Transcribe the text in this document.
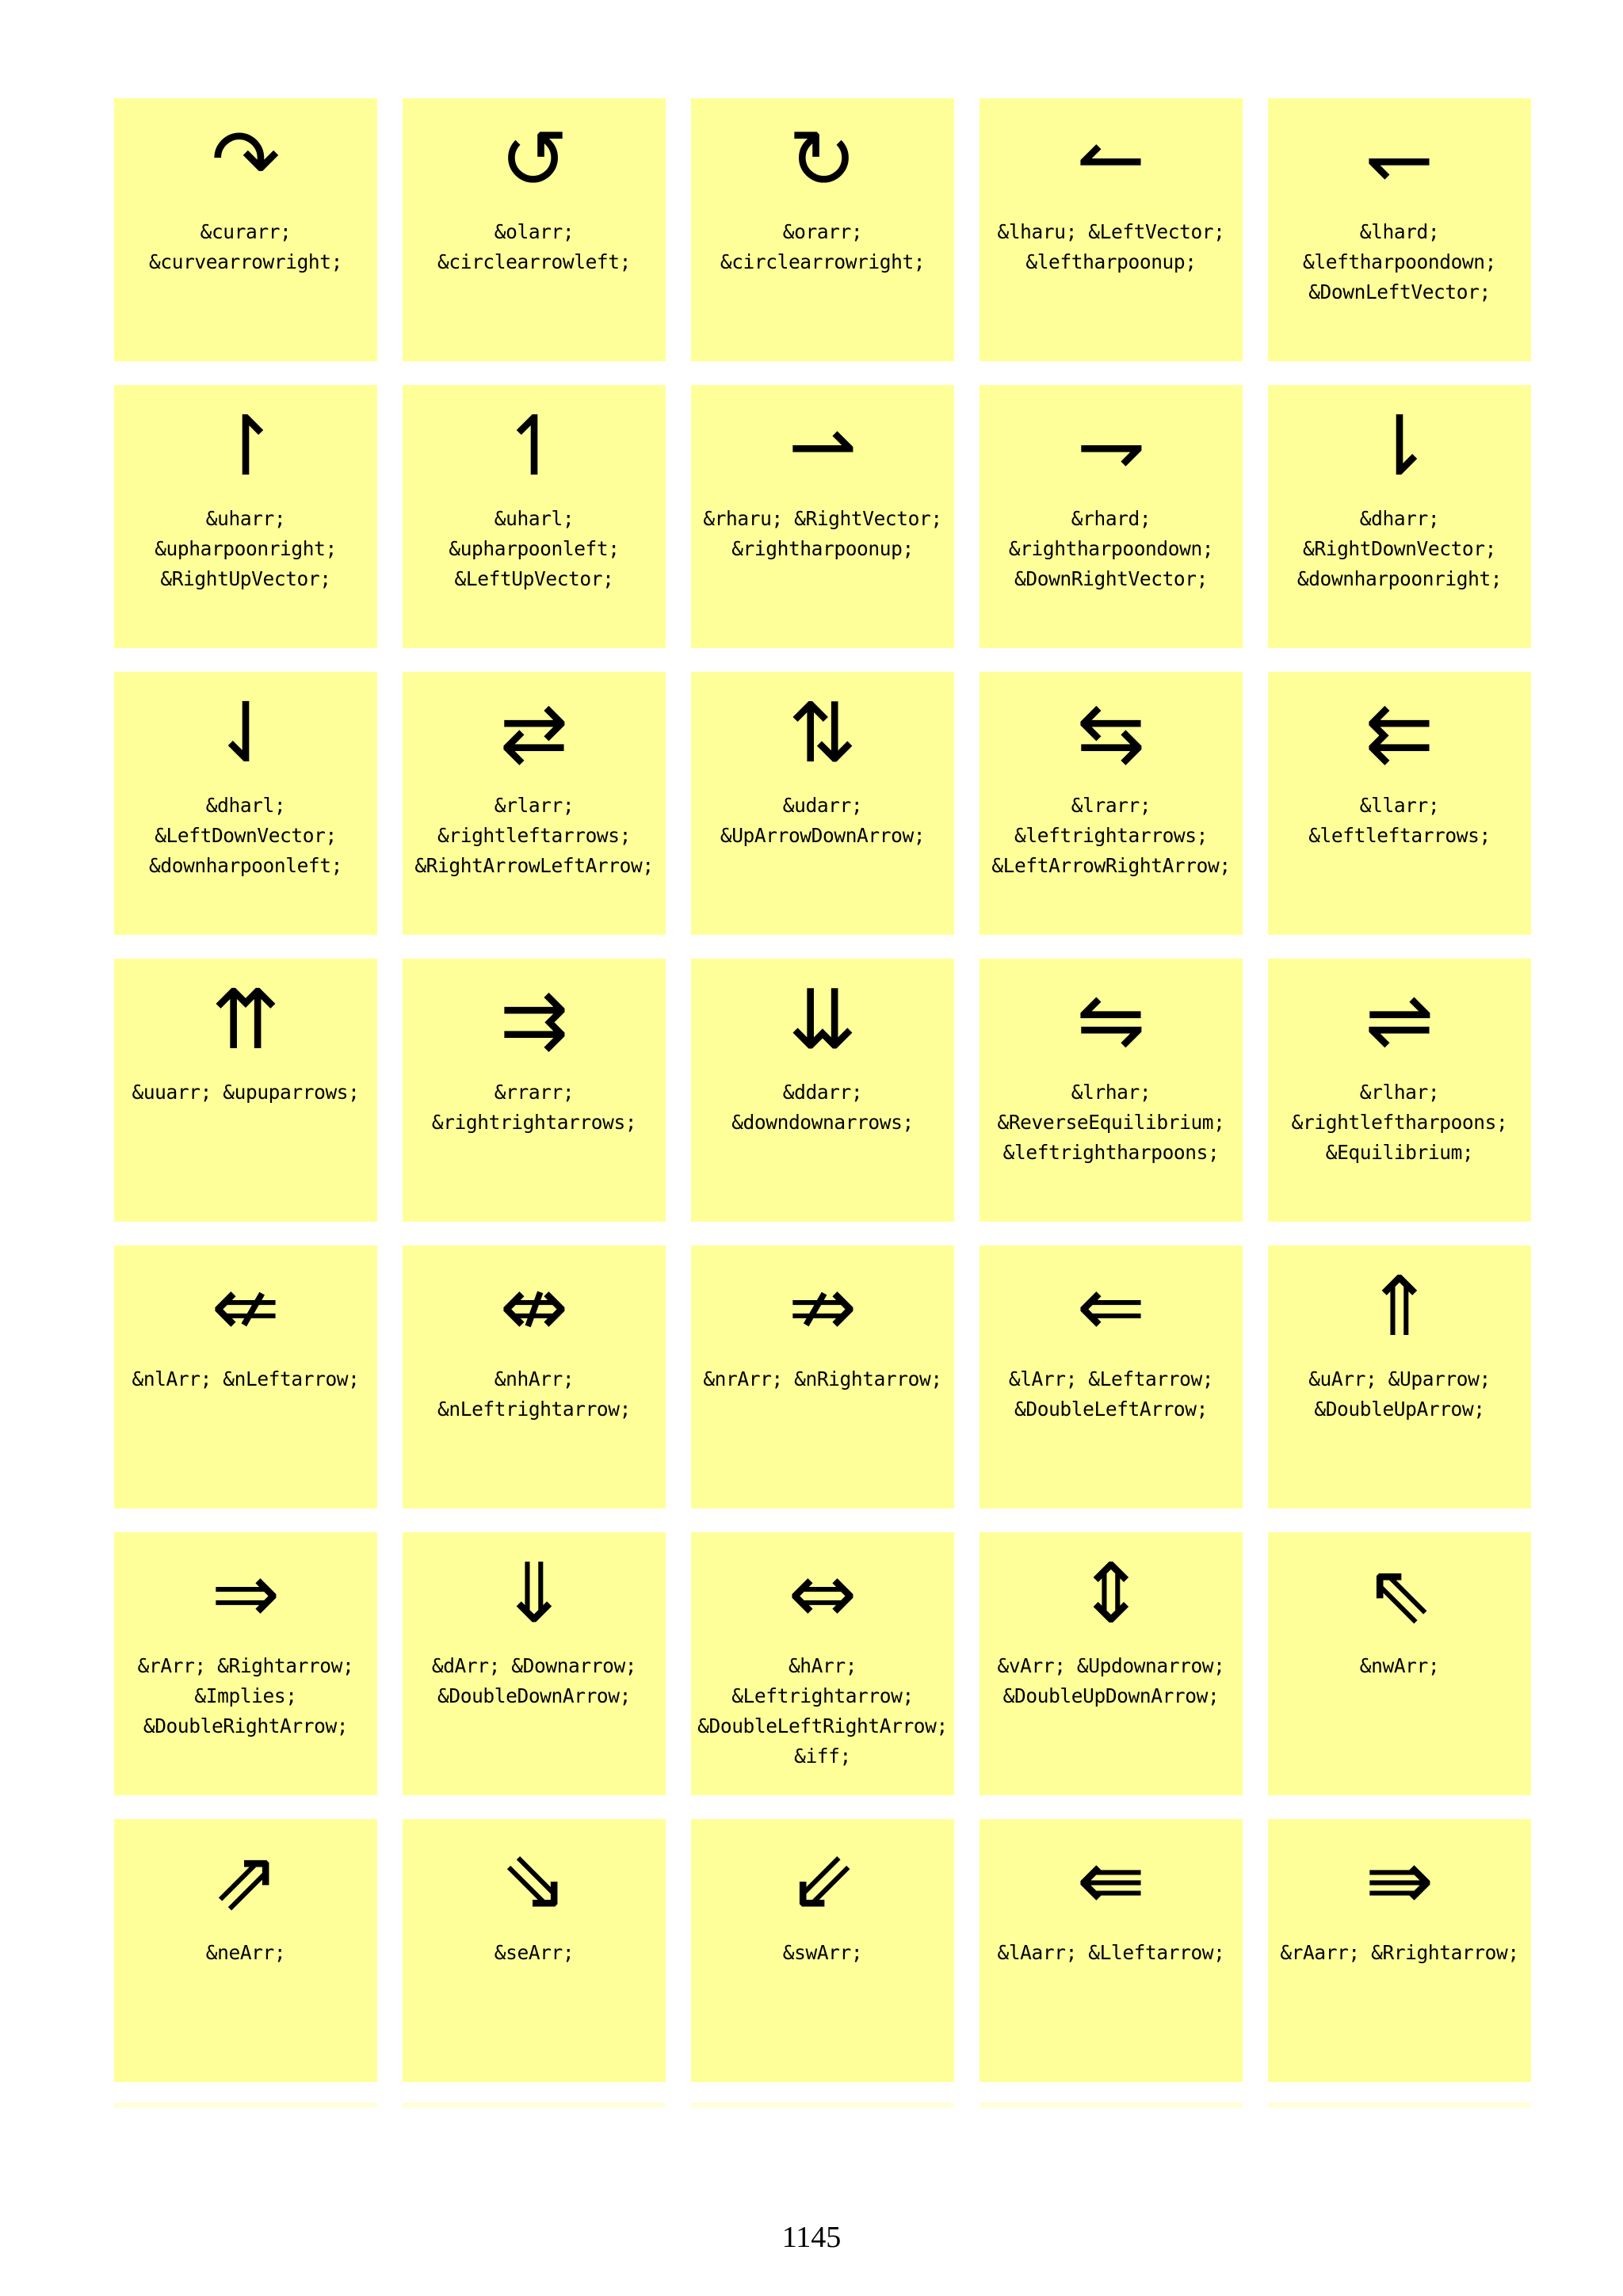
↷
&curarr;
&curvearrowright;
↺
&olarr;
&circlearrowleft;
↻
&orarr;
&circlearrowright;
↼
&lharu; &LeftVector;
&leftharpoonup;
↽
&lhard;
&leftharpoondown;
&DownLeftVector;
↾
&uharr;
&upharpoonright;
&RightUpVector;
↿
&uharl;
&upharpoonleft;
&LeftUpVector;
⇀
&rharu; &RightVector;
&rightharpoonup;
⇁
&rhard;
&rightharpoondown;
&DownRightVector;
⇂
&dharr;
&RightDownVector;
&downharpoonright;
⇃
&dharl;
&LeftDownVector;
&downharpoonleft;
⇄
&rlarr;
&rightleftarrows;
&RightArrowLeftArrow;
⇅
&udarr;
&UpArrowDownArrow;
⇆
&lrarr;
&leftrightarrows;
&LeftArrowRightArrow;
⇇
&llarr;
&leftleftarrows;
⇈
&uuarr; &upuparrows;
⇉
&rrarr;
&rightrightarrows;
⇊
&ddarr;
&downdownarrows;
⇋
&lrhar;
&ReverseEquilibrium;
&leftrightharpoons;
⇌
&rlhar;
&rightleftharpoons;
&Equilibrium;
⇍
&nlArr; &nLeftarrow;
⇎
&nhArr;
&nLeftrightarrow;
⇏
&nrArr; &nRightarrow;
⇐
&lArr; &Leftarrow;
&DoubleLeftArrow;
⇑
&uArr; &Uparrow;
&DoubleUpArrow;
⇒
&rArr; &Rightarrow;
&Implies;
&DoubleRightArrow;
⇓
&dArr; &Downarrow;
&DoubleDownArrow;
⇔
&hArr;
&Leftrightarrow;
&DoubleLeftRightArrow;
&iff;
⇕
&vArr; &Updownarrow;
&DoubleUpDownArrow;
⇖
&nwArr;
⇗
&neArr;
⇘
&seArr;
⇙
&swArr;
⇚
&lAarr; &Lleftarrow;
⇛
&rAarr; &Rrightarrow;
1145
